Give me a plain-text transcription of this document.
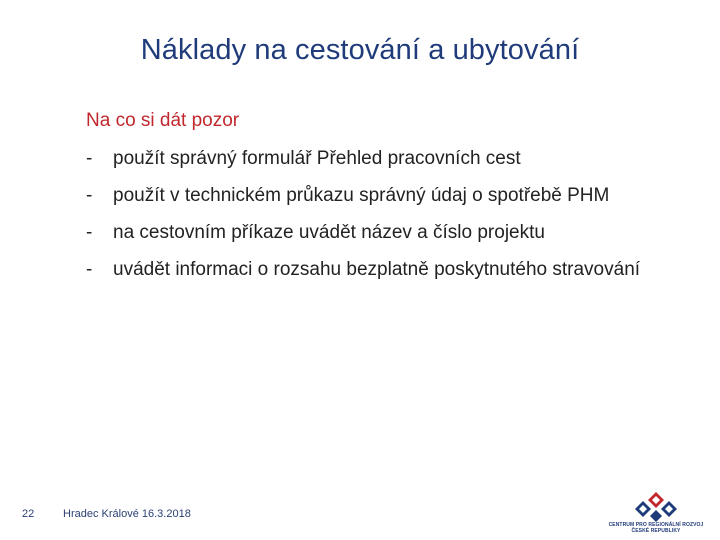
Náklady na cestování a ubytování
Na co si dát pozor
- použít správný formulář Přehled pracovních cest
- použít v technickém průkazu správný údaj o spotřebě PHM
- na cestovním příkaze uvádět název a číslo projektu
- uvádět informaci o rozsahu bezplatně poskytnutého stravování
22	Hradec Králové 16.3.2018
CENTRUM PRO REGIONÁLNÍ ROZVOJ
ČESKÉ REPUBLIKY
